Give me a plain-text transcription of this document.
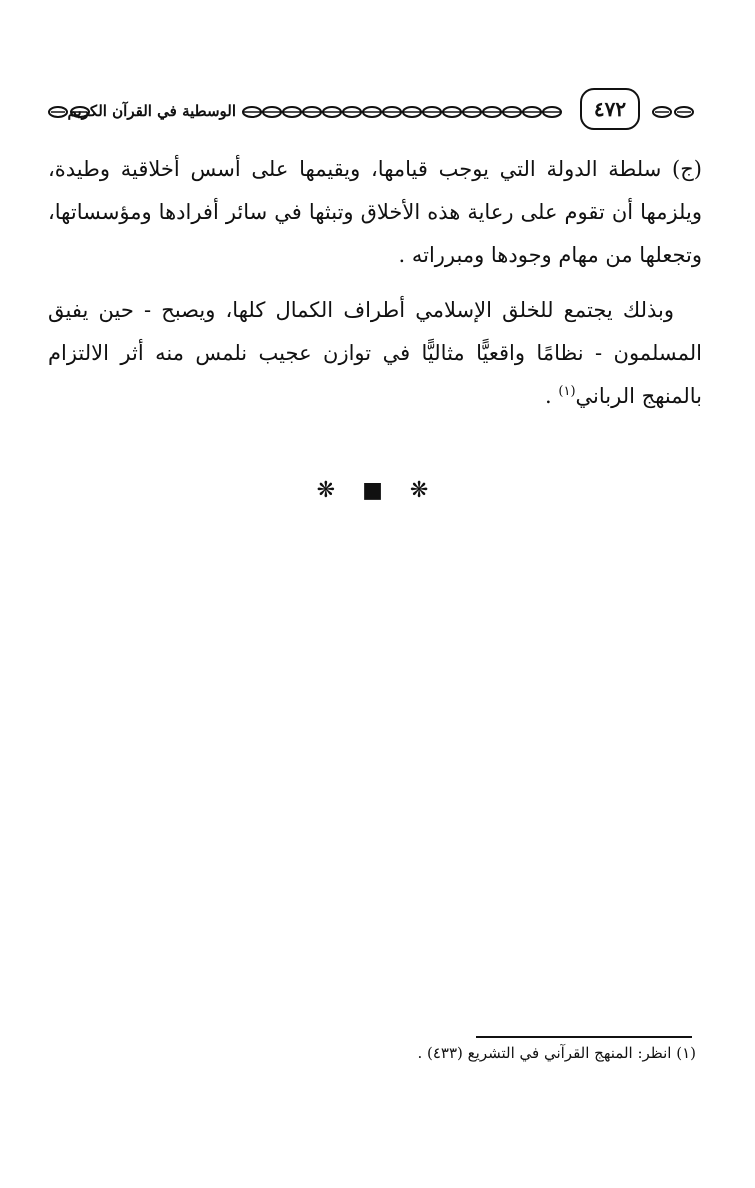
الوسطية في القرآن الكريم	٤٧٢

(ج) سلطة الدولة التي يوجب قيامها، ويقيمها على أسس أخلاقية وطيدة، ويلزمها أن تقوم على رعاية هذه الأخلاق وتبثها في سائر أفرادها ومؤسساتها، وتجعلها من مهام وجودها ومبرراته .

وبذلك يجتمع للخلق الإسلامي أطراف الكمال كلها، ويصبح - حين يفيق المسلمون - نظامًا واقعيًّا مثاليًّا في توازن عجيب نلمس منه أثر الالتزام بالمنهج الرباني$^{(١)}$ .

❋ ■ ❋
(١) انظر: المنهج القرآني في التشريع (٤٣٣) .
